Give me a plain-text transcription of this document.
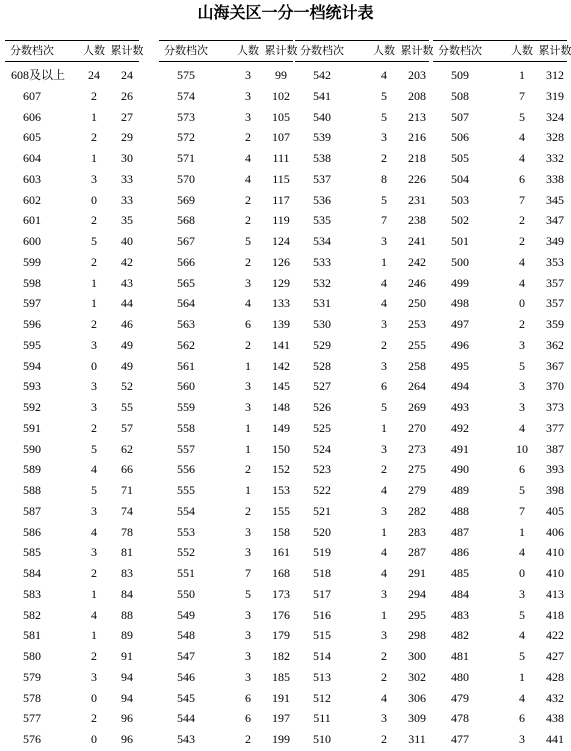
山海关区一分一档统计表
分数档次	人数 累计数
608及以上	24	24
607	2	26
606	1	27
605	2	29
604	1	30
603	3	33
602	0	33
601	2	35
600	5	40
599	2	42
598	1	43
597	1	44
596	2	46
595	3	49
594	0	49
593	3	52
592	3	55
591	2	57
590	5	62
589	4	66
588	5	71
587	3	74
586	4	78
585	3	81
584	2	83
583	1	84
582	4	88
581	1	89
580	2	91
579	3	94
578	0	94
577	2	96
576	0	96
分数档次	人数 累计数
575	3	99
574	3	102
573	3	105
572	2	107
571	4	111
570	4	115
569	2	117
568	2	119
567	5	124
566	2	126
565	3	129
564	4	133
563	6	139
562	2	141
561	1	142
560	3	145
559	3	148
558	1	149
557	1	150
556	2	152
555	1	153
554	2	155
553	3	158
552	3	161
551	7	168
550	5	173
549	3	176
548	3	179
547	3	182
546	3	185
545	6	191
544	6	197
543	2	199
分数档次	人数 累计数
542	4	203
541	5	208
540	5	213
539	3	216
538	2	218
537	8	226
536	5	231
535	7	238
534	3	241
533	1	242
532	4	246
531	4	250
530	3	253
529	2	255
528	3	258
527	6	264
526	5	269
525	1	270
524	3	273
523	2	275
522	4	279
521	3	282
520	1	283
519	4	287
518	4	291
517	3	294
516	1	295
515	3	298
514	2	300
513	2	302
512	4	306
511	3	309
510	2	311
分数档次	人数 累计数
509	1	312
508	7	319
507	5	324
506	4	328
505	4	332
504	6	338
503	7	345
502	2	347
501	2	349
500	4	353
499	4	357
498	0	357
497	2	359
496	3	362
495	5	367
494	3	370
493	3	373
492	4	377
491	10	387
490	6	393
489	5	398
488	7	405
487	1	406
486	4	410
485	0	410
484	3	413
483	5	418
482	4	422
481	5	427
480	1	428
479	4	432
478	6	438
477	3	441
